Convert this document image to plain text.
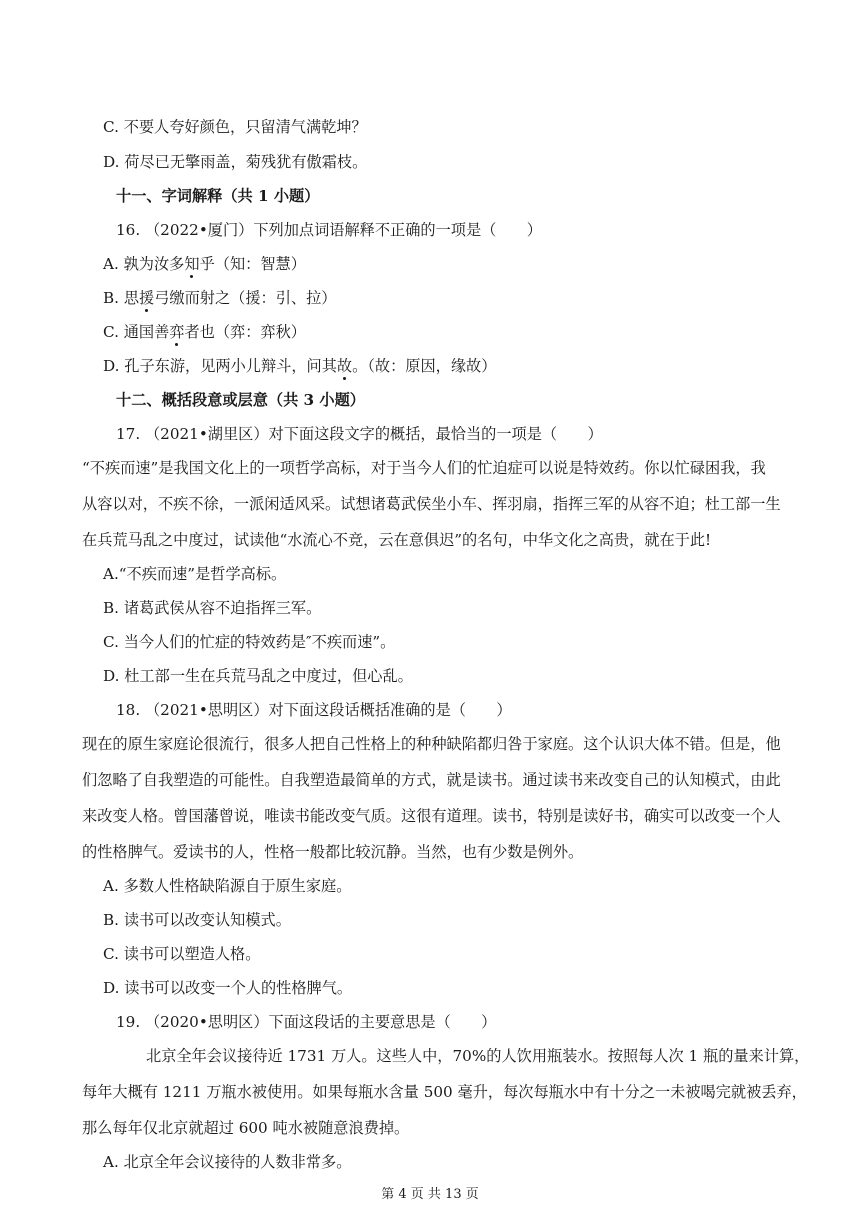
C. 不要人夸好颜色，只留清气满乾坤？
D. 荷尽已无擎雨盖，菊残犹有傲霜枝。
十一、字词解释（共 1 小题）
16. （2022•厦门）下列加点词语解释不正确的一项是（　　）
A. 孰为汝多知乎（知：智慧）
B. 思援弓缴而射之（援：引、拉）
C. 通国善弈者也（弈：弈秋）
D. 孔子东游，见两小儿辩斗，问其故。（故：原因，缘故）
十二、概括段意或层意（共 3 小题）
17. （2021•湖里区）对下面这段文字的概括，最恰当的一项是（　　）
“不疾而速”是我国文化上的一项哲学高标，对于当今人们的忙迫症可以说是特效药。你以忙碌困我，我
从容以对，不疾不徐，一派闲适风采。试想诸葛武侯坐小车、挥羽扇，指挥三军的从容不迫；杜工部一生
在兵荒马乱之中度过，试读他“水流心不竞，云在意俱迟”的名句，中华文化之高贵，就在于此!
A.“不疾而速”是哲学高标。
B. 诸葛武侯从容不迫指挥三军。
C. 当今人们的忙症的特效药是″不疾而速”。
D. 杜工部一生在兵荒马乱之中度过，但心乱。
18. （2021•思明区）对下面这段话概括准确的是（　　）
现在的原生家庭论很流行，很多人把自己性格上的种种缺陷都归咎于家庭。这个认识大体不错。但是，他
们忽略了自我塑造的可能性。自我塑造最简单的方式，就是读书。通过读书来改变自己的认知模式，由此
来改变人格。曾国藩曾说，唯读书能改变气质。这很有道理。读书，特别是读好书，确实可以改变一个人
的性格脾气。爱读书的人，性格一般都比较沉静。当然，也有少数是例外。
A. 多数人性格缺陷源自于原生家庭。
B. 读书可以改变认知模式。
C. 读书可以塑造人格。
D. 读书可以改变一个人的性格脾气。
19. （2020•思明区）下面这段话的主要意思是（　　）
北京全年会议接待近 1731 万人。这些人中，70%的人饮用瓶装水。按照每人次 1 瓶的量来计算，
每年大概有 1211 万瓶水被使用。如果每瓶水含量 500 毫升，每次每瓶水中有十分之一未被喝完就被丢弃，
那么每年仅北京就超过 600 吨水被随意浪费掉。
A. 北京全年会议接待的人数非常多。
第 4 页 共 13 页
